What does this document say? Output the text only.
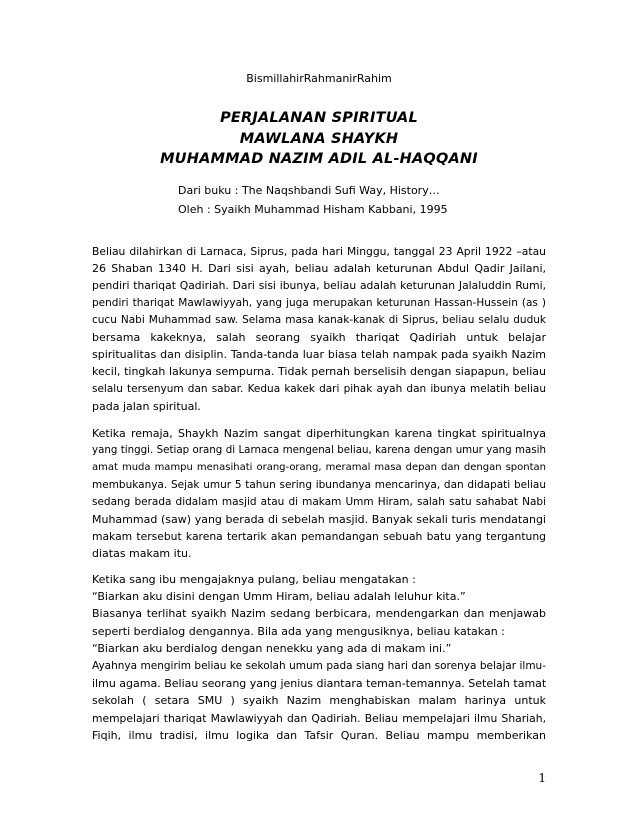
BismillahirRahmanirRahim
PERJALANAN SPIRITUAL
MAWLANA SHAYKH
MUHAMMAD NAZIM ADIL AL-HAQQANI
Dari buku : The Naqshbandi Sufi Way, History…
Oleh : Syaikh Muhammad Hisham Kabbani, 1995
Beliau dilahirkan di Larnaca, Siprus, pada hari Minggu, tanggal 23 April 1922 –atau
26 Shaban 1340 H. Dari sisi ayah, beliau adalah keturunan Abdul Qadir Jailani,
pendiri thariqat Qadiriah. Dari sisi ibunya, beliau adalah keturunan Jalaluddin Rumi,
pendiri thariqat Mawlawiyyah, yang juga merupakan keturunan Hassan-Hussein (as )
cucu Nabi Muhammad saw. Selama masa kanak-kanak di Siprus, beliau selalu duduk
bersama kakeknya, salah seorang syaikh thariqat Qadiriah untuk belajar
spiritualitas dan disiplin. Tanda-tanda luar biasa telah nampak pada syaikh Nazim
kecil, tingkah lakunya sempurna. Tidak pernah berselisih dengan siapapun, beliau
selalu tersenyum dan sabar. Kedua kakek dari pihak ayah dan ibunya melatih beliau
pada jalan spiritual.
Ketika remaja, Shaykh Nazim sangat diperhitungkan karena tingkat spiritualnya
yang tinggi. Setiap orang di Larnaca mengenal beliau, karena dengan umur yang masih
amat muda mampu menasihati orang-orang, meramal masa depan dan dengan spontan
membukanya. Sejak umur 5 tahun sering ibundanya mencarinya, dan didapati beliau
sedang berada didalam masjid atau di makam Umm Hiram, salah satu sahabat Nabi
Muhammad (saw) yang berada di sebelah masjid. Banyak sekali turis mendatangi
makam tersebut karena tertarik akan pemandangan sebuah batu yang tergantung
diatas makam itu.
Ketika sang ibu mengajaknya pulang, beliau mengatakan :
“Biarkan aku disini dengan Umm Hiram, beliau adalah leluhur kita.”
Biasanya terlihat syaikh Nazim sedang berbicara, mendengarkan dan menjawab
seperti berdialog dengannya. Bila ada yang mengusiknya, beliau katakan :
“Biarkan aku berdialog dengan nenekku yang ada di makam ini.”
Ayahnya mengirim beliau ke sekolah umum pada siang hari dan sorenya belajar ilmu-
ilmu agama. Beliau seorang yang jenius diantara teman-temannya. Setelah tamat
sekolah ( setara SMU ) syaikh Nazim menghabiskan malam harinya untuk
mempelajari thariqat Mawlawiyyah dan Qadiriah. Beliau mempelajari ilmu Shariah,
Fiqih, ilmu tradisi, ilmu logika dan Tafsir Quran. Beliau mampu memberikan
1
